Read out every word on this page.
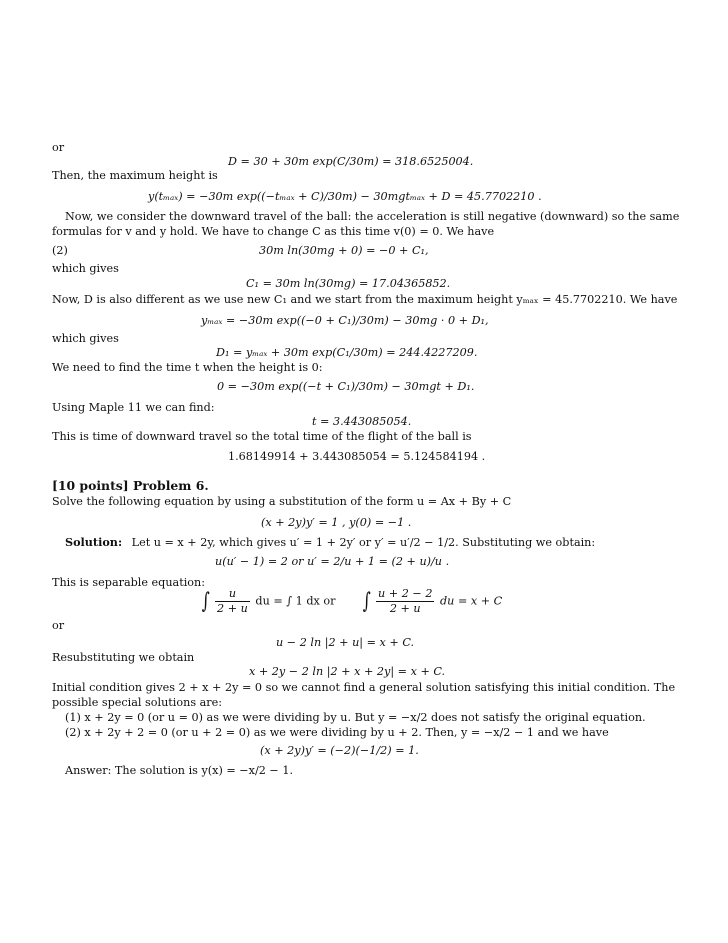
or
D = 30 + 30m exp(C/30m) = 318.6525004.
Then, the maximum height is
y(tₘₐₓ) = −30m exp((−tₘₐₓ + C)/30m) − 30mgtₘₐₓ + D = 45.7702210 .
Now, we consider the downward travel of the ball: the acceleration is still negative (downward) so the same
formulas for v and y hold. We have to change C as this time v(0) = 0. We have
(2)	30m ln(30mg + 0) = −0 + C₁,
which gives
C₁ = 30m ln(30mg) = 17.04365852.
Now, D is also different as we use new C₁ and we start from the maximum height yₘₐₓ = 45.7702210. We have
yₘₐₓ = −30m exp((−0 + C₁)/30m) − 30mg · 0 + D₁,
which gives
D₁ = yₘₐₓ + 30m exp(C₁/30m) = 244.4227209.
We need to find the time t when the height is 0:
0 = −30m exp((−t + C₁)/30m) − 30mgt + D₁.
Using Maple 11 we can find:
t = 3.443085054.
This is time of downward travel so the total time of the flight of the ball is
1.68149914 + 3.443085054 = 5.124584194 .
[10 points] Problem 6.
Solve the following equation by using a substitution of the form u = Ax + By + C
(x + 2y)y′ = 1 , y(0) = −1 .
Solution: Let u = x + 2y, which gives u′ = 1 + 2y′ or y′ = u′/2 − 1/2. Substituting we obtain:
u(u′ − 1) = 2 or u′ = 2/u + 1 = (2 + u)/u .
This is separable equation:
∫ $\frac{u}{2 + u}$ du = ∫ 1 dx or ∫ $\frac{u + 2 - 2}{2 + u}$ du = x + C
or
u − 2 ln |2 + u| = x + C.
Resubstituting we obtain
x + 2y − 2 ln |2 + x + 2y| = x + C.
Initial condition gives 2 + x + 2y = 0 so we cannot find a general solution satisfying this initial condition. The
possible special solutions are:
(1) x + 2y = 0 (or u = 0) as we were dividing by u. But y = −x/2 does not satisfy the original equation.
(2) x + 2y + 2 = 0 (or u + 2 = 0) as we were dividing by u + 2. Then, y = −x/2 − 1 and we have
(x + 2y)y′ = (−2)(−1/2) = 1.
Answer: The solution is y(x) = −x/2 − 1.
